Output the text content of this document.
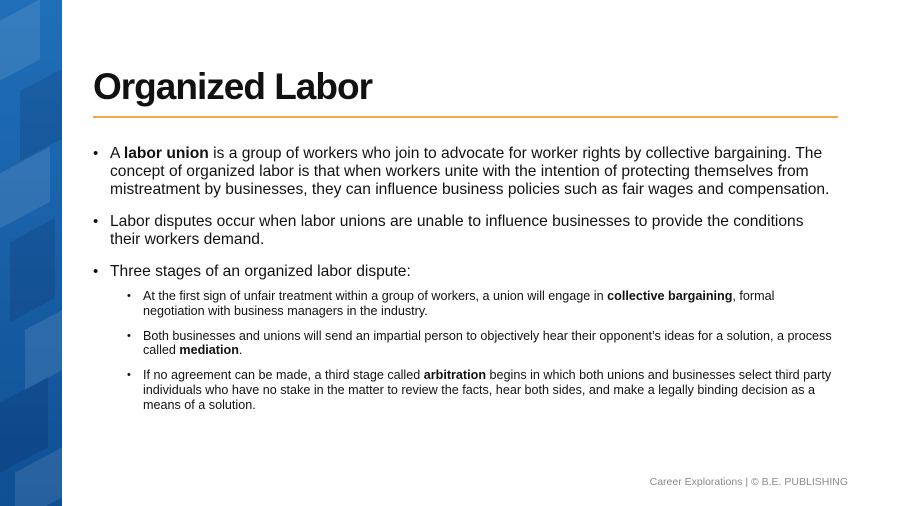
Organized Labor
• A labor union is a group of workers who join to advocate for worker rights by collective bargaining. The concept of organized labor is that when workers unite with the intention of protecting themselves from mistreatment by businesses, they can influence business policies such as fair wages and compensation.
• Labor disputes occur when labor unions are unable to influence businesses to provide the conditions their workers demand.
• Three stages of an organized labor dispute:
• At the first sign of unfair treatment within a group of workers, a union will engage in collective bargaining, formal negotiation with business managers in the industry.
• Both businesses and unions will send an impartial person to objectively hear their opponent’s ideas for a solution, a process called mediation.
• If no agreement can be made, a third stage called arbitration begins in which both unions and businesses select third party individuals who have no stake in the matter to review the facts, hear both sides, and make a legally binding decision as a means of a solution.
Career Explorations | © B.E. PUBLISHING
